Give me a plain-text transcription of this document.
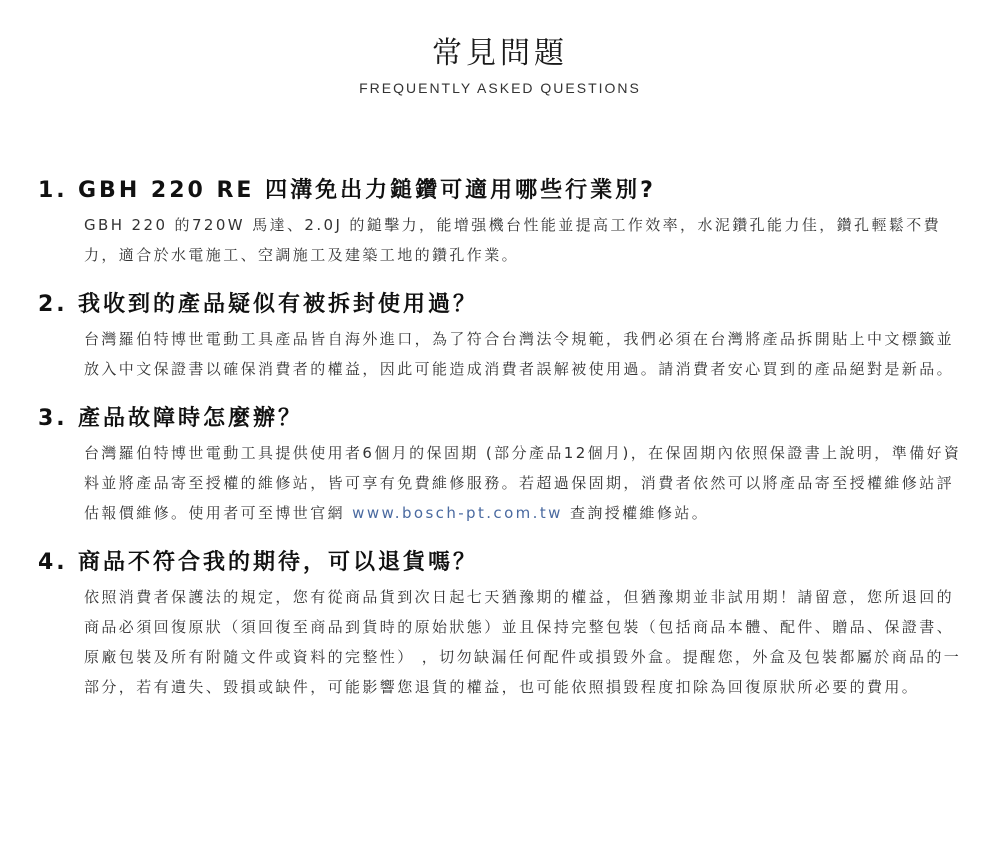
常見問題
FREQUENTLY ASKED QUESTIONS
1. GBH 220 RE 四溝免出力鎚鑽可適用哪些行業別?

GBH 220 的720W 馬達、2.0J 的鎚擊力，能增强機台性能並提高工作效率，水泥鑽孔能力佳，鑽孔輕鬆不費力，適合於水電施工、空調施工及建築工地的鑽孔作業。

2. 我收到的產品疑似有被拆封使用過？

台灣羅伯特博世電動工具產品皆自海外進口，為了符合台灣法令規範，我們必須在台灣將產品拆開貼上中文標籤並放入中文保證書以確保消費者的權益，因此可能造成消費者誤解被使用過。請消費者安心買到的產品絕對是新品。

3. 產品故障時怎麼辦？

台灣羅伯特博世電動工具提供使用者6個月的保固期 (部分產品12個月)，在保固期內依照保證書上說明，準備好資料並將產品寄至授權的維修站，皆可享有免費維修服務。若超過保固期，消費者依然可以將產品寄至授權維修站評估報價維修。使用者可至博世官網 www.bosch-pt.com.tw 查詢授權維修站。

4. 商品不符合我的期待，可以退貨嗎？

依照消費者保護法的規定，您有從商品貨到次日起七天猶豫期的權益，但猶豫期並非試用期！請留意，您所退回的商品必須回復原狀（須回復至商品到貨時的原始狀態）並且保持完整包裝（包括商品本體、配件、贈品、保證書、原廠包裝及所有附隨文件或資料的完整性） ，切勿缺漏任何配件或損毀外盒。提醒您，外盒及包裝都屬於商品的一部分，若有遺失、毀損或缺件，可能影響您退貨的權益，也可能依照損毀程度扣除為回復原狀所必要的費用。
